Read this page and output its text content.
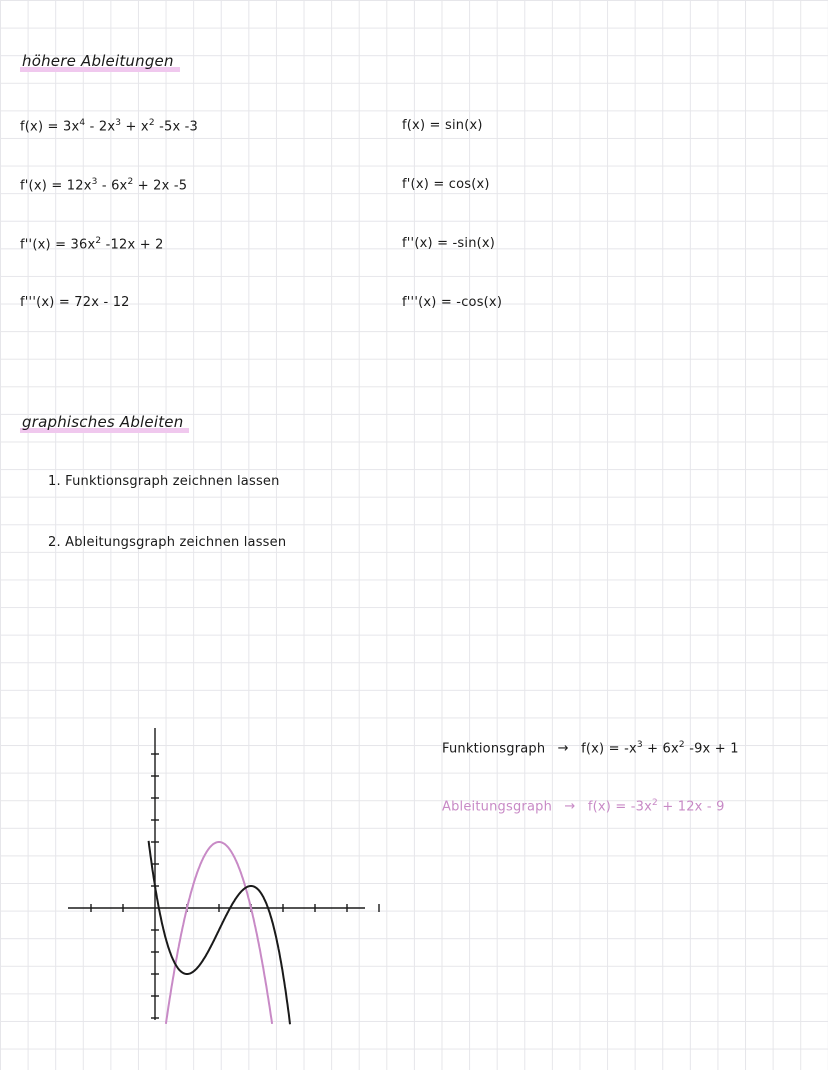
höhere Ableitungen
$f(x) = 3x^4 - 2x^3 + x^2$ -5x -3
$f'(x) = 12x^3 - 6x^2 + 2x$ -5
$f''(x) = 36x^2$ -12x + 2
f'''(x) = 72x - 12
f(x) = sin(x)
f'(x) = cos(x)
f''(x) = -sin(x)
f'''(x) = -cos(x)
graphisches Ableiten
1. Funktionsgraph zeichnen lassen
2. Ableitungsgraph zeichnen lassen
Funktionsgraph → $f(x) = -x^3 + 6x^2$ -9x + 1
Ableitungsgraph → $f(x) = -3x^2 + 12x - 9$
